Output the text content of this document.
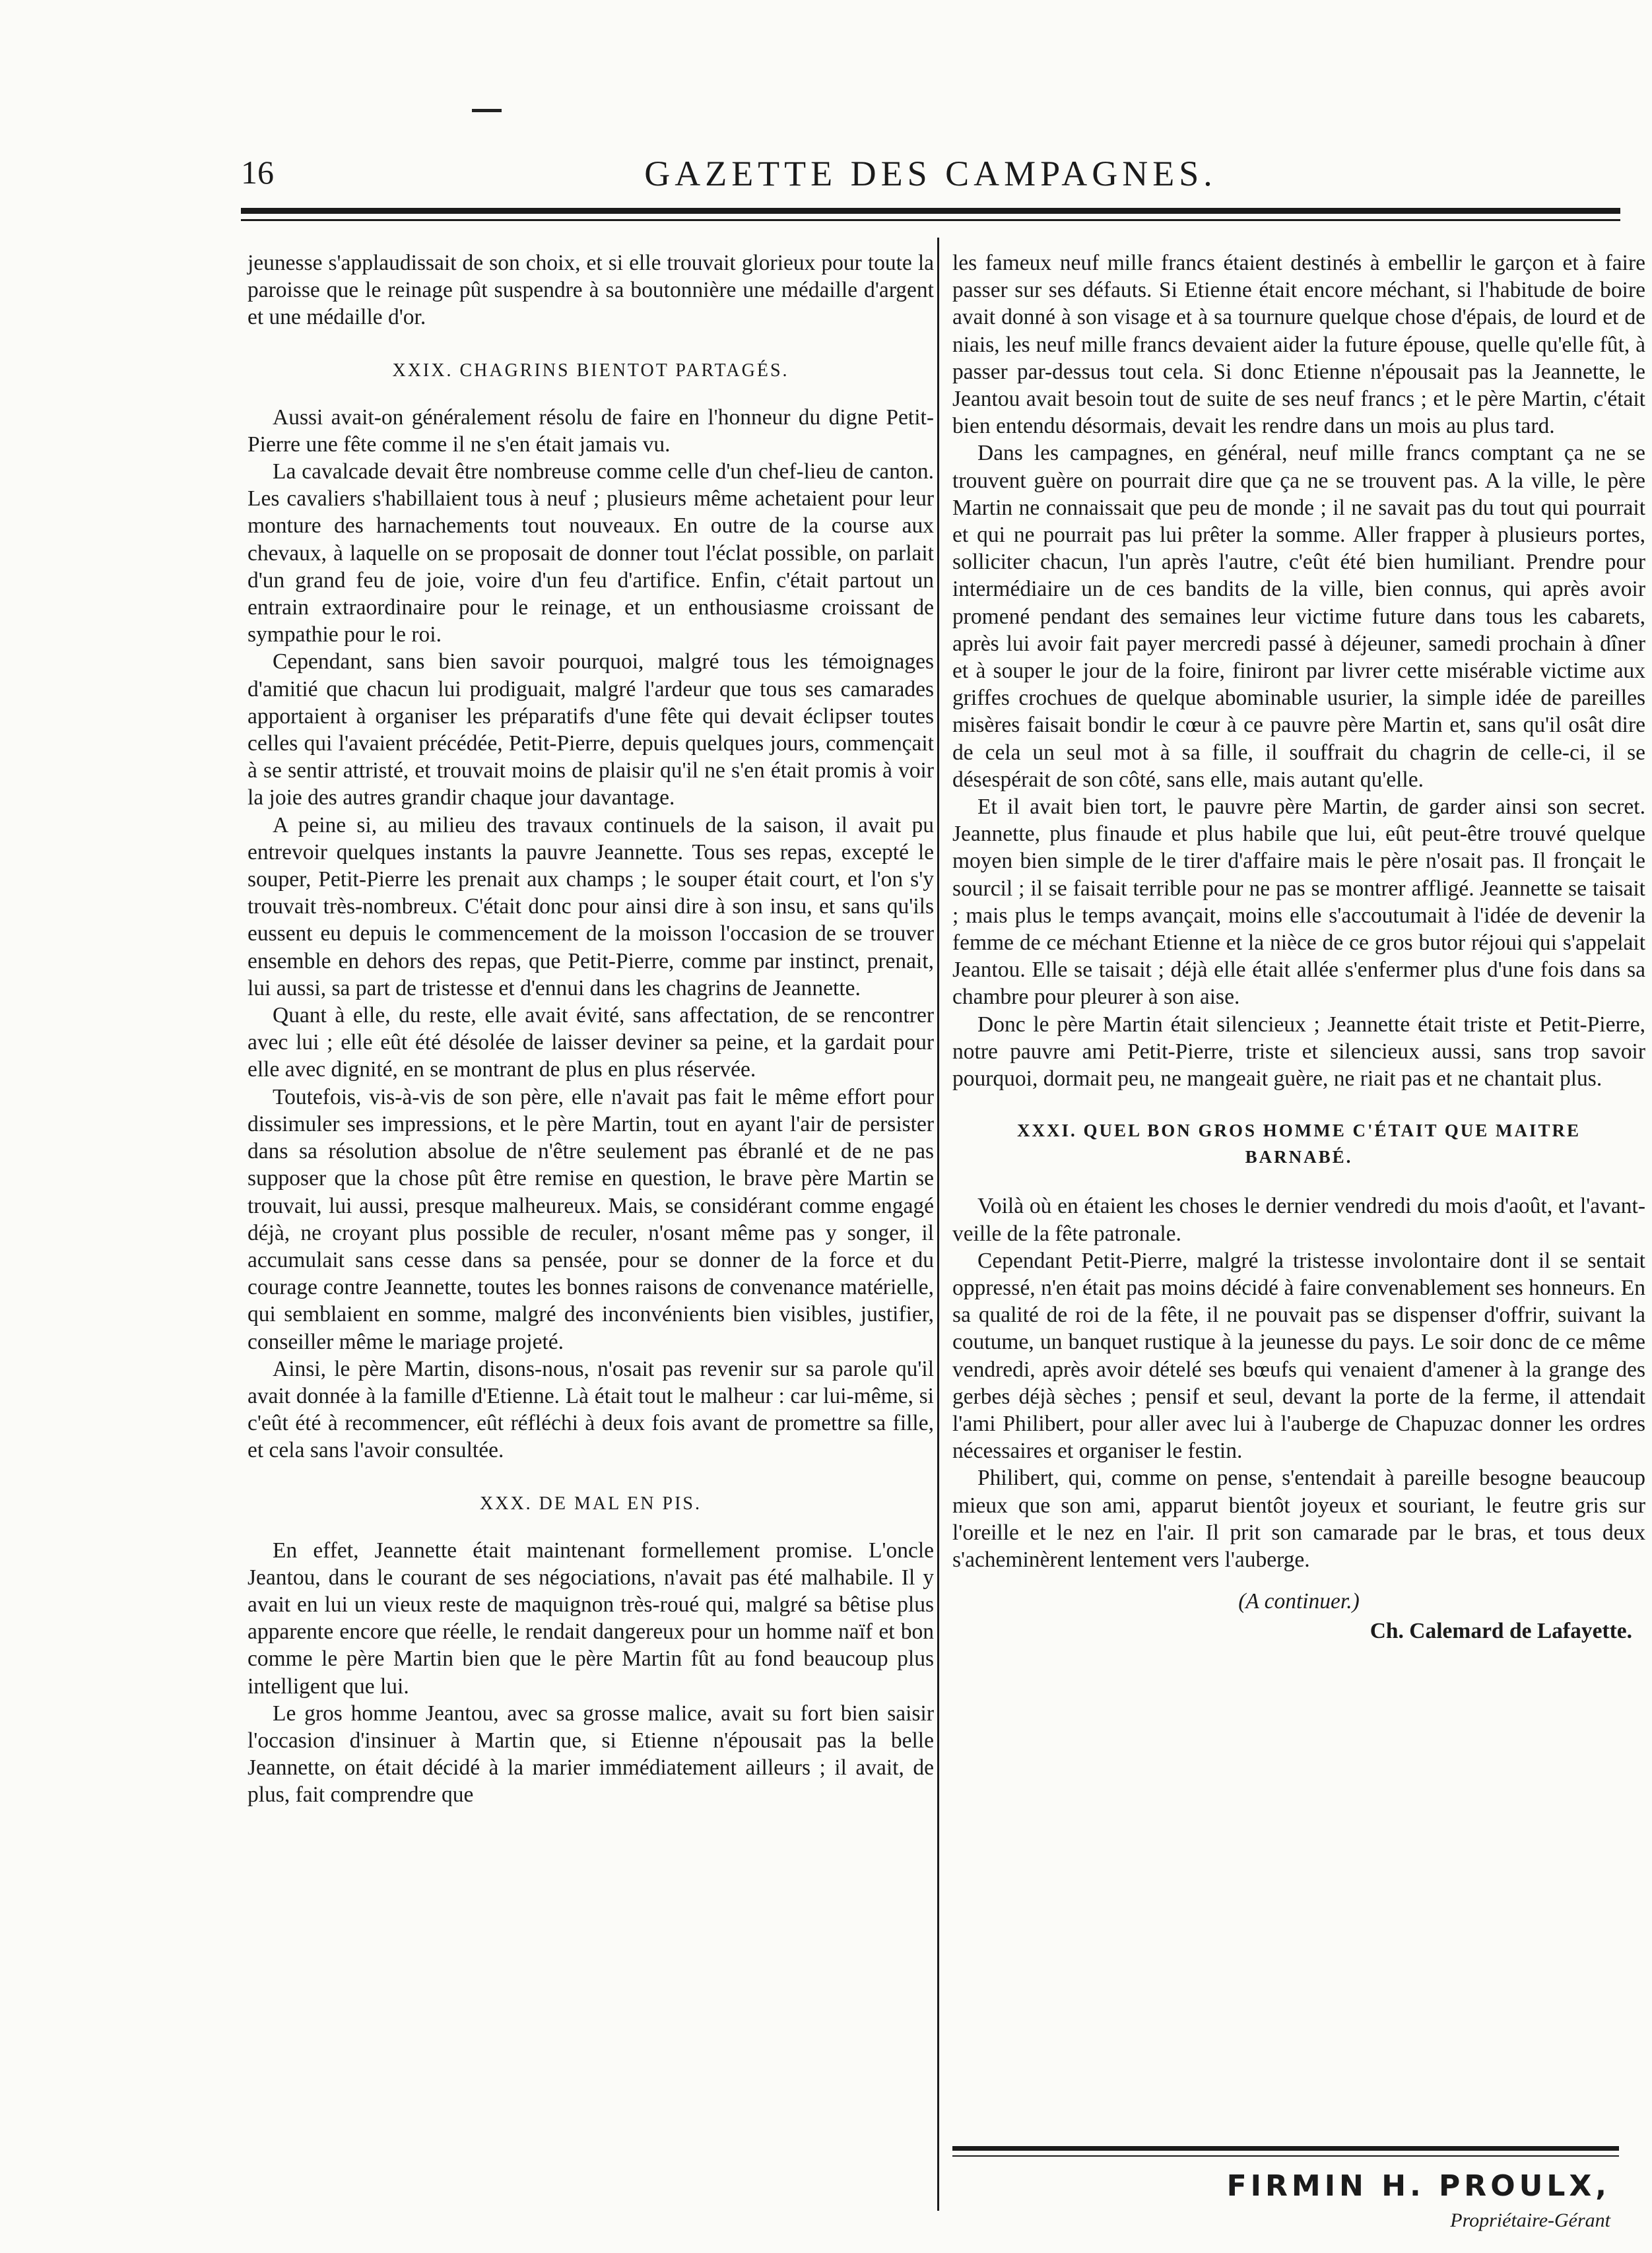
16	GAZETTE DES CAMPAGNES.

jeunesse s'applaudissait de son choix, et si elle trouvait glorieux pour toute la paroisse que le reinage pût suspendre à sa boutonnière une médaille d'argent et une médaille d'or.

XXIX. CHAGRINS BIENTOT PARTAGÉS.

Aussi avait-on généralement résolu de faire en l'honneur du digne Petit-Pierre une fête comme il ne s'en était jamais vu.

La cavalcade devait être nombreuse comme celle d'un chef-lieu de canton. Les cavaliers s'habillaient tous à neuf ; plusieurs même achetaient pour leur monture des harnachements tout nouveaux. En outre de la course aux chevaux, à laquelle on se proposait de donner tout l'éclat possible, on parlait d'un grand feu de joie, voire d'un feu d'artifice. Enfin, c'était partout un entrain extraordinaire pour le reinage, et un enthousiasme croissant de sympathie pour le roi.

Cependant, sans bien savoir pourquoi, malgré tous les témoignages d'amitié que chacun lui prodiguait, malgré l'ardeur que tous ses camarades apportaient à organiser les préparatifs d'une fête qui devait éclipser toutes celles qui l'avaient précédée, Petit-Pierre, depuis quelques jours, commençait à se sentir attristé, et trouvait moins de plaisir qu'il ne s'en était promis à voir la joie des autres grandir chaque jour davantage.

A peine si, au milieu des travaux continuels de la saison, il avait pu entrevoir quelques instants la pauvre Jeannette. Tous ses repas, excepté le souper, Petit-Pierre les prenait aux champs ; le souper était court, et l'on s'y trouvait très-nombreux. C'était donc pour ainsi dire à son insu, et sans qu'ils eussent eu depuis le commencement de la moisson l'occasion de se trouver ensemble en dehors des repas, que Petit-Pierre, comme par instinct, prenait, lui aussi, sa part de tristesse et d'ennui dans les chagrins de Jeannette.

Quant à elle, du reste, elle avait évité, sans affectation, de se rencontrer avec lui ; elle eût été désolée de laisser deviner sa peine, et la gardait pour elle avec dignité, en se montrant de plus en plus réservée.

Toutefois, vis-à-vis de son père, elle n'avait pas fait le même effort pour dissimuler ses impressions, et le père Martin, tout en ayant l'air de persister dans sa résolution absolue de n'être seulement pas ébranlé et de ne pas supposer que la chose pût être remise en question, le brave père Martin se trouvait, lui aussi, presque malheureux. Mais, se considérant comme engagé déjà, ne croyant plus possible de reculer, n'osant même pas y songer, il accumulait sans cesse dans sa pensée, pour se donner de la force et du courage contre Jeannette, toutes les bonnes raisons de convenance matérielle, qui semblaient en somme, malgré des inconvénients bien visibles, justifier, conseiller même le mariage projeté.

Ainsi, le père Martin, disons-nous, n'osait pas revenir sur sa parole qu'il avait donnée à la famille d'Etienne. Là était tout le malheur : car lui-même, si c'eût été à recommencer, eût réfléchi à deux fois avant de promettre sa fille, et cela sans l'avoir consultée.

XXX. DE MAL EN PIS.

En effet, Jeannette était maintenant formellement promise. L'oncle Jeantou, dans le courant de ses négociations, n'avait pas été malhabile. Il y avait en lui un vieux reste de maquignon très-roué qui, malgré sa bêtise plus apparente encore que réelle, le rendait dangereux pour un homme naïf et bon comme le père Martin bien que le père Martin fût au fond beaucoup plus intelligent que lui.

Le gros homme Jeantou, avec sa grosse malice, avait su fort bien saisir l'occasion d'insinuer à Martin que, si Etienne n'épousait pas la belle Jeannette, on était décidé à la marier immédiatement ailleurs ; il avait, de plus, fait comprendre que

les fameux neuf mille francs étaient destinés à embellir le garçon et à faire passer sur ses défauts. Si Etienne était encore méchant, si l'habitude de boire avait donné à son visage et à sa tournure quelque chose d'épais, de lourd et de niais, les neuf mille francs devaient aider la future épouse, quelle qu'elle fût, à passer par-dessus tout cela. Si donc Etienne n'épousait pas la Jeannette, le Jeantou avait besoin tout de suite de ses neuf francs ; et le père Martin, c'était bien entendu désormais, devait les rendre dans un mois au plus tard.

Dans les campagnes, en général, neuf mille francs comptant ça ne se trouvent guère on pourrait dire que ça ne se trouvent pas. A la ville, le père Martin ne connaissait que peu de monde ; il ne savait pas du tout qui pourrait et qui ne pourrait pas lui prêter la somme. Aller frapper à plusieurs portes, solliciter chacun, l'un après l'autre, c'eût été bien humiliant. Prendre pour intermédiaire un de ces bandits de la ville, bien connus, qui après avoir promené pendant des semaines leur victime future dans tous les cabarets, après lui avoir fait payer mercredi passé à déjeuner, samedi prochain à dîner et à souper le jour de la foire, finiront par livrer cette misérable victime aux griffes crochues de quelque abominable usurier, la simple idée de pareilles misères faisait bondir le cœur à ce pauvre père Martin et, sans qu'il osât dire de cela un seul mot à sa fille, il souffrait du chagrin de celle-ci, il se désespérait de son côté, sans elle, mais autant qu'elle.

Et il avait bien tort, le pauvre père Martin, de garder ainsi son secret. Jeannette, plus finaude et plus habile que lui, eût peut-être trouvé quelque moyen bien simple de le tirer d'affaire mais le père n'osait pas. Il fronçait le sourcil ; il se faisait terrible pour ne pas se montrer affligé. Jeannette se taisait ; mais plus le temps avançait, moins elle s'accoutumait à l'idée de devenir la femme de ce méchant Etienne et la nièce de ce gros butor réjoui qui s'appelait Jeantou. Elle se taisait ; déjà elle était allée s'enfermer plus d'une fois dans sa chambre pour pleurer à son aise.

Donc le père Martin était silencieux ; Jeannette était triste et Petit-Pierre, notre pauvre ami Petit-Pierre, triste et silencieux aussi, sans trop savoir pourquoi, dormait peu, ne mangeait guère, ne riait pas et ne chantait plus.

XXXI. QUEL BON GROS HOMME C'ÉTAIT QUE MAITRE BARNABÉ.

Voilà où en étaient les choses le dernier vendredi du mois d'août, et l'avant-veille de la fête patronale.

Cependant Petit-Pierre, malgré la tristesse involontaire dont il se sentait oppressé, n'en était pas moins décidé à faire convenablement ses honneurs. En sa qualité de roi de la fête, il ne pouvait pas se dispenser d'offrir, suivant la coutume, un banquet rustique à la jeunesse du pays. Le soir donc de ce même vendredi, après avoir dételé ses bœufs qui venaient d'amener à la grange des gerbes déjà sèches ; pensif et seul, devant la porte de la ferme, il attendait l'ami Philibert, pour aller avec lui à l'auberge de Chapuzac donner les ordres nécessaires et organiser le festin.

Philibert, qui, comme on pense, s'entendait à pareille besogne beaucoup mieux que son ami, apparut bientôt joyeux et souriant, le feutre gris sur l'oreille et le nez en l'air. Il prit son camarade par le bras, et tous deux s'acheminèrent lentement vers l'auberge.

(A continuer.)
Ch. Calemard de Lafayette.
FIRMIN H. PROULX,
Propriétaire-Gérant
